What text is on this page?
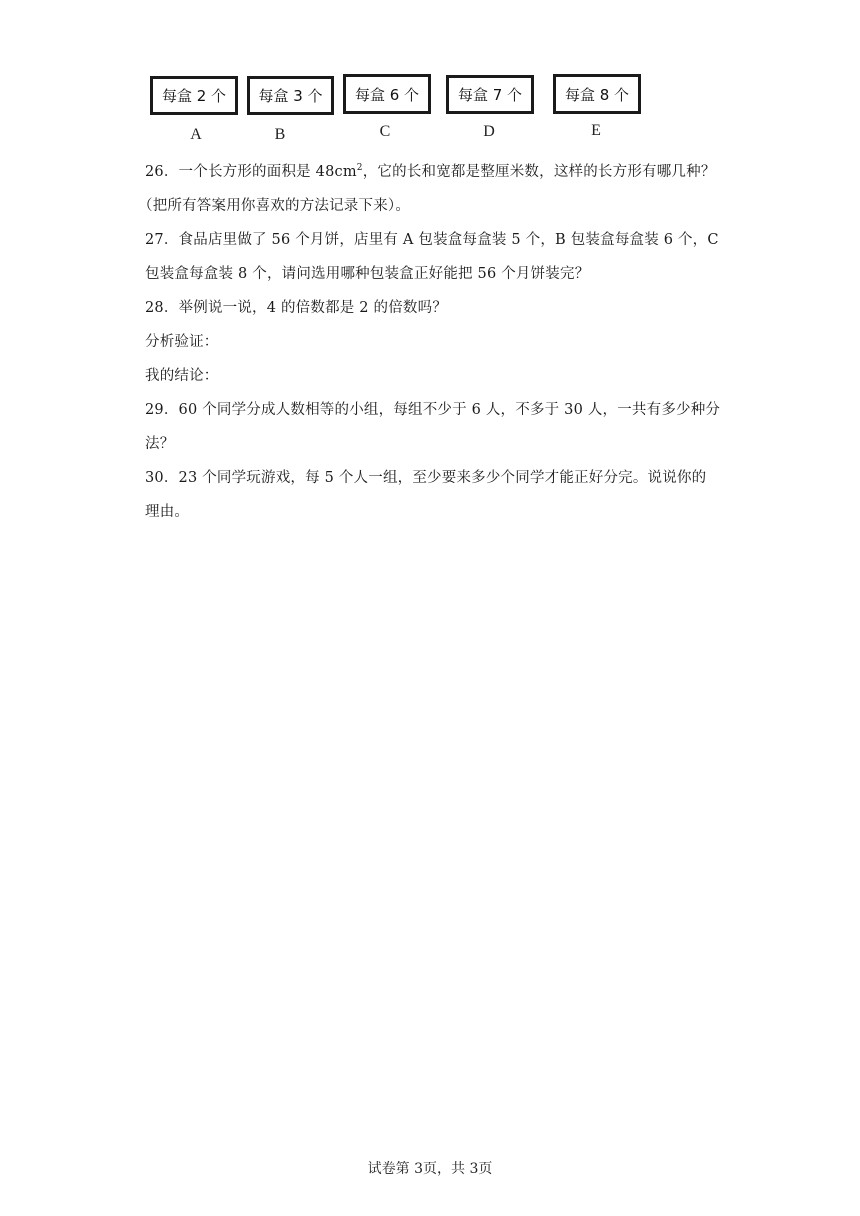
每盒 2 个 每盒 3 个 每盒 6 个	每盒 7 个	每盒 8 个
A	B	C	D	E
26．一个长方形的面积是 $48cm^2$，它的长和宽都是整厘米数，这样的长方形有哪几种？
（把所有答案用你喜欢的方法记录下来）。
27．食品店里做了 56 个月饼，店里有 A 包装盒每盒装 5 个，B 包装盒每盒装 6 个，C
包装盒每盒装 8 个，请问选用哪种包装盒正好能把 56 个月饼装完？
28．举例说一说，4 的倍数都是 2 的倍数吗？
分析验证：
我的结论：
29．60 个同学分成人数相等的小组，每组不少于 6 人，不多于 30 人，一共有多少种分
法？
30．23 个同学玩游戏，每 5 个人一组，至少要来多少个同学才能正好分完。说说你的
理由。
试卷第 3页，共 3页
